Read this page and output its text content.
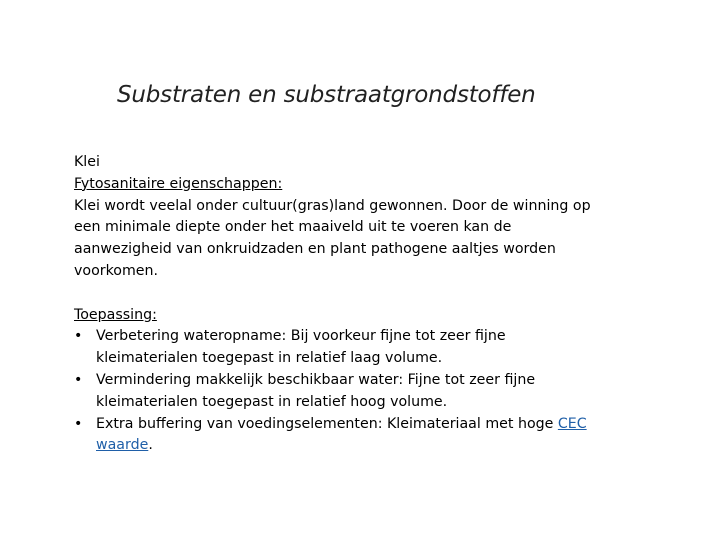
Substraten en substraatgrondstoffen

Klei

Fytosanitaire eigenschappen:

Klei wordt veelal onder cultuur(gras)land gewonnen. Door de winning op een minimale diepte onder het maaiveld uit te voeren kan de aanwezigheid van onkruidzaden en plant pathogene aaltjes worden voorkomen.

Toepassing:

• Verbetering wateropname: Bij voorkeur fijne tot zeer fijne kleimaterialen toegepast in relatief laag volume.
• Vermindering makkelijk beschikbaar water: Fijne tot zeer fijne kleimaterialen toegepast in relatief hoog volume.
• Extra buffering van voedingselementen: Kleimateriaal met hoge CEC waarde.
